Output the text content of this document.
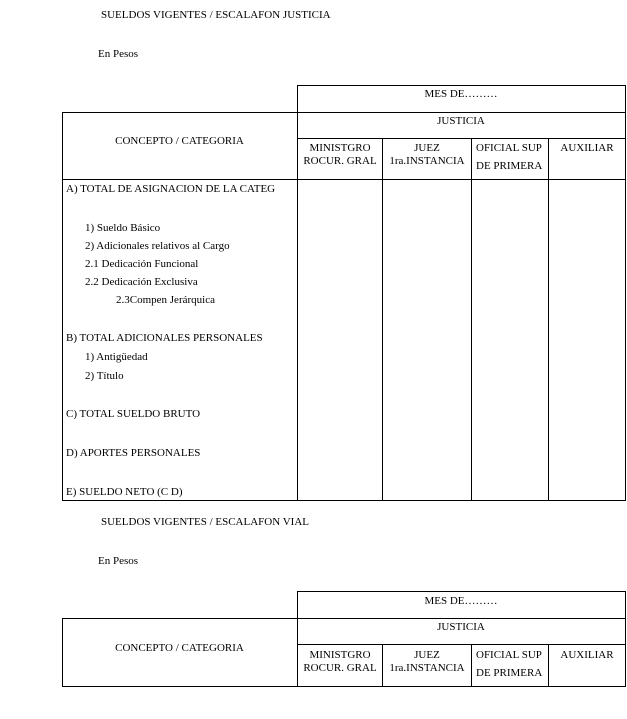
SUELDOS VIGENTES / ESCALAFON JUSTICIA
En Pesos
MES DE………
JUSTICIA
CONCEPTO / CATEGORIA
MINISTGRO
ROCUR. GRAL
JUEZ
1ra.INSTANCIA
OFICIAL SUP
DE PRIMERA
AUXILIAR
A) TOTAL DE ASIGNACION DE LA CATEG
1) Sueldo Básico
2) Adicionales relativos al Cargo
2.1 Dedicación Funcional
2.2 Dedicación Exclusiva
2.3Compen Jerárquica
B) TOTAL ADICIONALES PERSONALES
1) Antigüedad
2) Título
C) TOTAL SUELDO BRUTO
D) APORTES PERSONALES
E) SUELDO NETO (C D)
SUELDOS VIGENTES / ESCALAFON VIAL
En Pesos
MES DE………
JUSTICIA
CONCEPTO / CATEGORIA
MINISTGRO
ROCUR. GRAL
JUEZ
1ra.INSTANCIA
OFICIAL SUP
DE PRIMERA
AUXILIAR
